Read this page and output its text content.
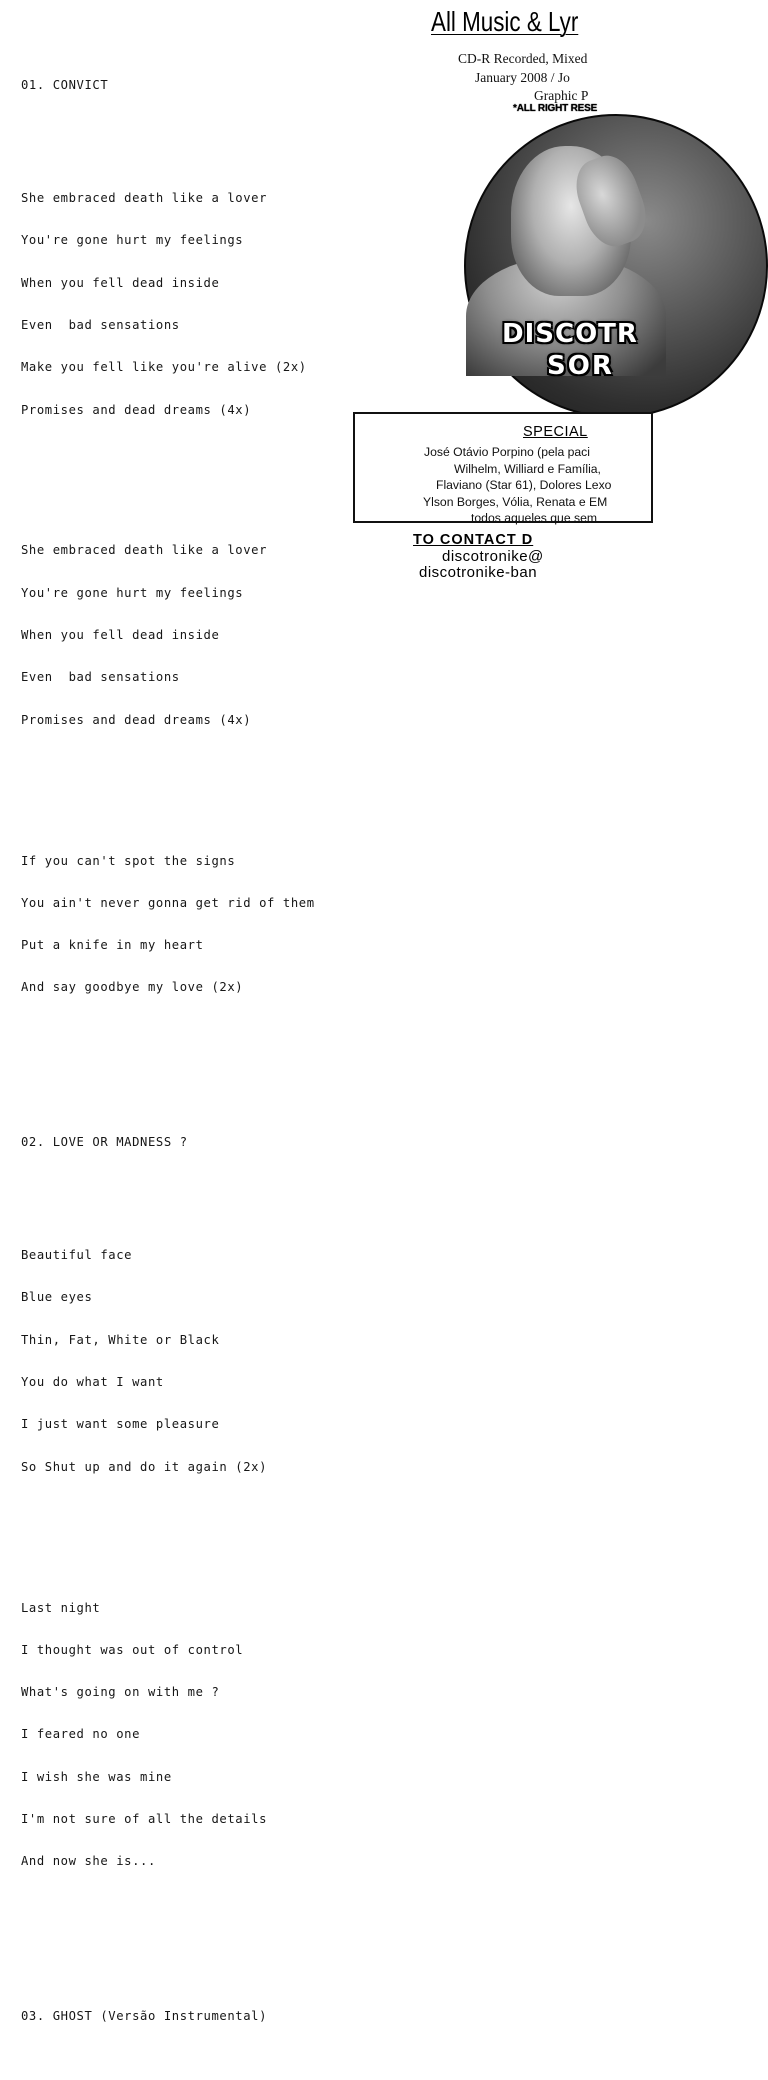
01. CONVICT

She embraced death like a lover

You're gone hurt my feelings

When you fell dead inside

Even  bad sensations

Make you fell like you're alive (2x)

Promises and dead dreams (4x)

She embraced death like a lover

You're gone hurt my feelings

When you fell dead inside

Even  bad sensations

Promises and dead dreams (4x)

If you can't spot the signs

You ain't never gonna get rid of them

Put a knife in my heart

And say goodbye my love (2x)

02. LOVE OR MADNESS ?

Beautiful face

Blue eyes

Thin, Fat, White or Black

You do what I want

I just want some pleasure

So Shut up and do it again (2x)

Last night

I thought was out of control

What's going on with me ?

I feared no one

I wish she was mine

I'm not sure of all the details

And now she is...

03. GHOST (Versão Instrumental)

All Music & Lyr
CD-R Recorded, Mixed
January 2008 / Jo
Graphic P
*ALL RIGHT RESE
DISCOTR
SOR
SPECIAL
José Otávio Porpino (pela paci
Wilhelm, Williard e Família,
Flaviano (Star 61), Dolores Lexo
Ylson Borges, Vólia, Renata e EM
todos aqueles que sem
TO CONTACT D
discotronike@
discotronike-ban
